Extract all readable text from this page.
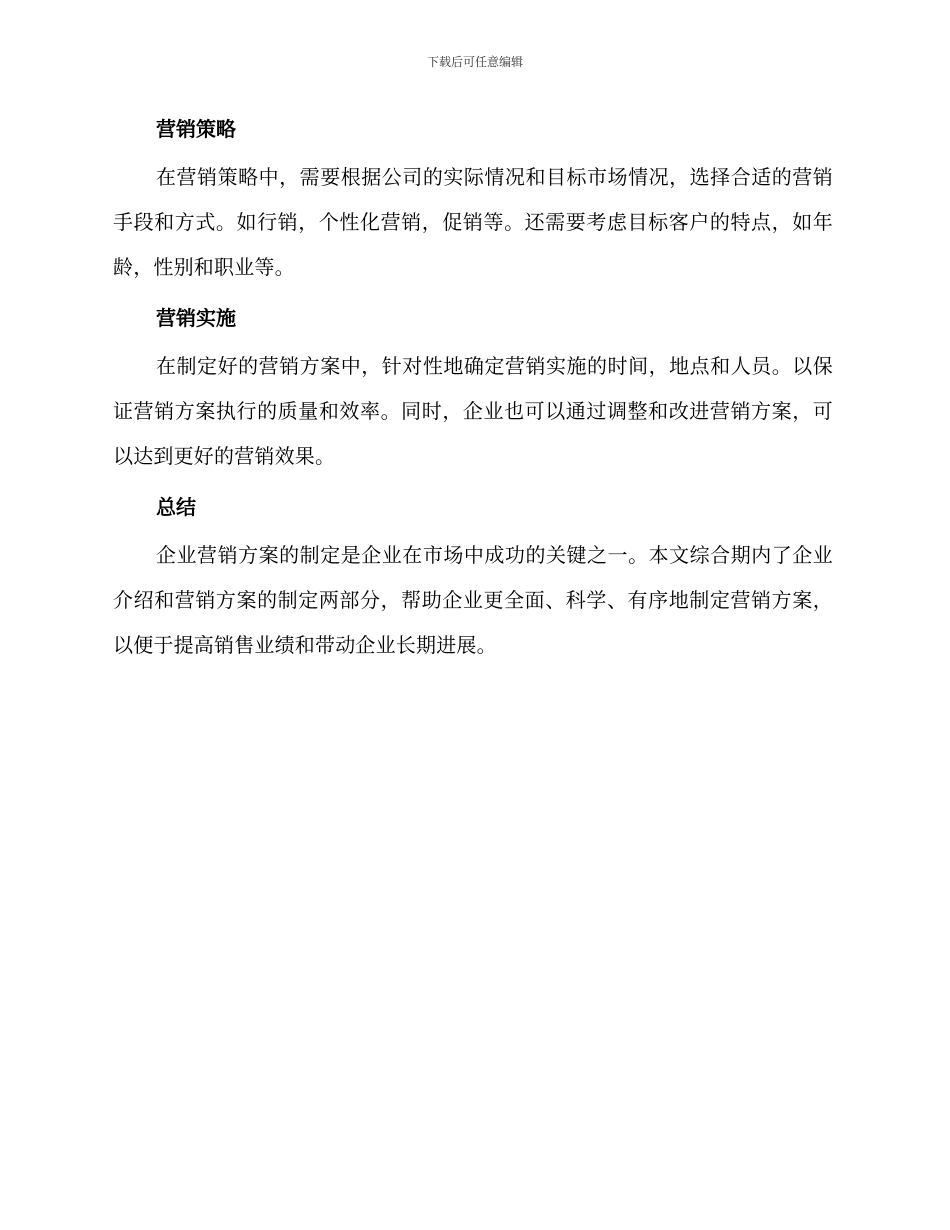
下载后可任意编辑
营销策略

在营销策略中，需要根据公司的实际情况和目标市场情况，选择合适的营销手段和方式。如行销，个性化营销，促销等。还需要考虑目标客户的特点，如年龄，性别和职业等。

营销实施

在制定好的营销方案中，针对性地确定营销实施的时间，地点和人员。以保证营销方案执行的质量和效率。同时，企业也可以通过调整和改进营销方案，可以达到更好的营销效果。

总结

企业营销方案的制定是企业在市场中成功的关键之一。本文综合期内了企业介绍和营销方案的制定两部分，帮助企业更全面、科学、有序地制定营销方案，以便于提高销售业绩和带动企业长期进展。
